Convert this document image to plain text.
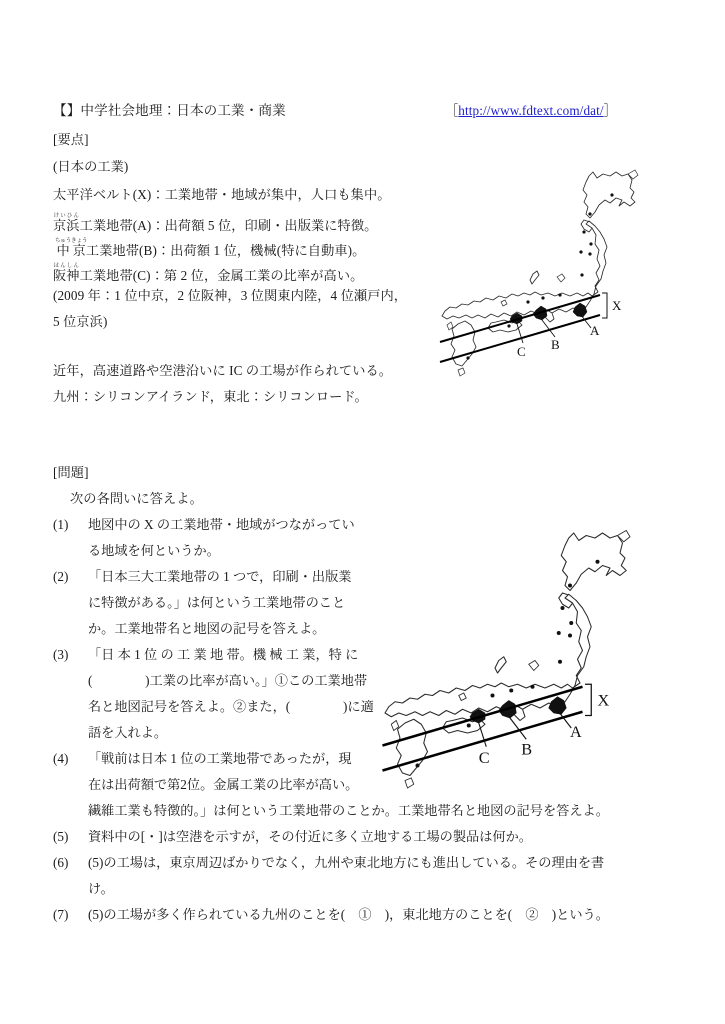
【】中学社会地理：日本の工業・商業	［http://www.fdtext.com/dat/］
[要点]
(日本の工業)
太平洋ベルト(X)：工業地帯・地域が集中，人口も集中。
京浜けいひん工業地帯(A)：出荷額 5 位，印刷・出版業に特徴。
中京ちゅうきょう工業地帯(B)：出荷額 1 位，機械(特に自動車)。
阪神はんしん工業地帯(C)：第 2 位，金属工業の比率が高い。
(2009 年：1 位中京，2 位阪神，3 位関東内陸，4 位瀬戸内，
5 位京浜)
近年，高速道路や空港沿いに IC の工場が作られている。
九州：シリコンアイランド，東北：シリコンロード。
[問題]
次の各問いに答えよ。
(1) 地図中の X の工業地帯・地域がつながってい
る地域を何というか。
(2) 「日本三大工業地帯の 1 つで，印刷・出版業
に特徴がある。」は何という工業地帯のこと
か。工業地帯名と地図の記号を答えよ。
(3) 「日 本 1 位 の 工 業 地 帯。機 械 工 業，特 に
(　　　　)工業の比率が高い。」①この工業地帯
名と地図記号を答えよ。②また，(　　　　)に適
語を入れよ。
(4) 「戦前は日本 1 位の工業地帯であったが，現
在は出荷額で第2位。金属工業の比率が高い。
繊維工業も特徴的。」は何という工業地帯のことか。工業地帯名と地図の記号を答えよ。
(5) 資料中の[・]は空港を示すが，その付近に多く立地する工場の製品は何か。
(6) (5)の工場は，東京周辺ばかりでなく，九州や東北地方にも進出している。その理由を書
け。
(7) (5)の工場が多く作られている九州のことを(　①　)，東北地方のことを(　②　)という。
X
A
B
C
X
A
B
C
